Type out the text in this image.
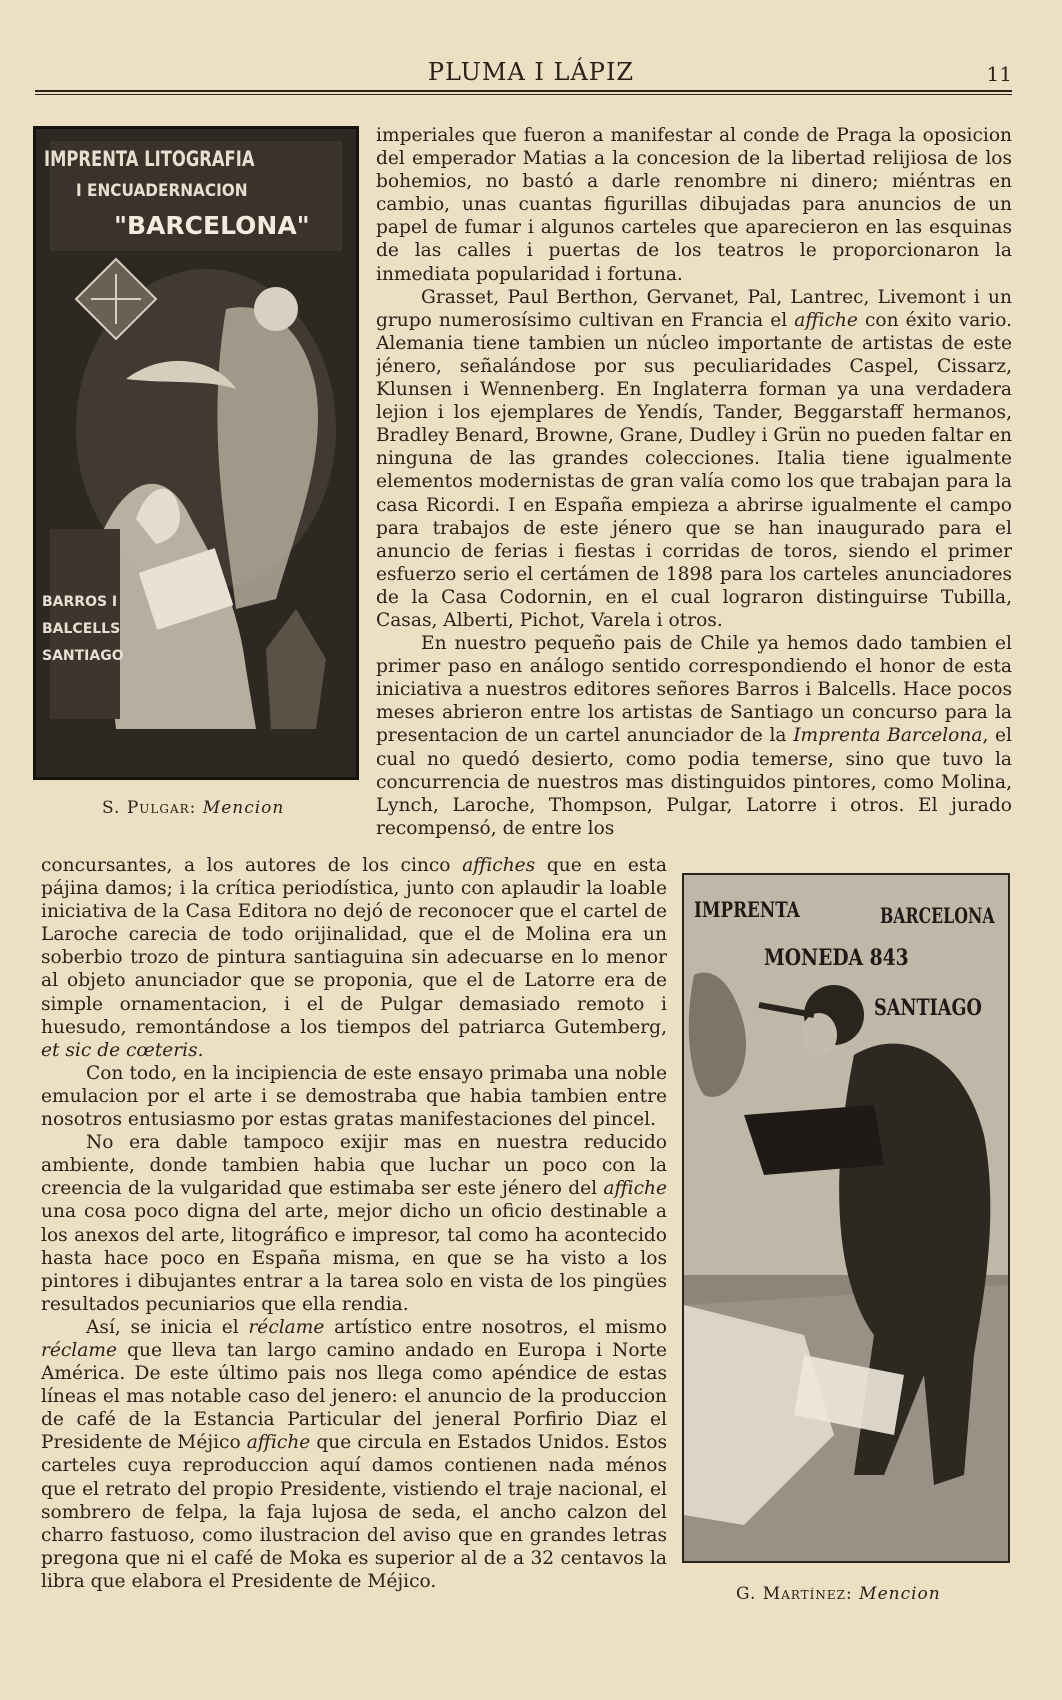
PLUMA I LÁPIZ	11
IMPRENTA LITOGRAFIA
I ENCUADERNACION
"BARCELONA"
BARROS I BALCELLS SANTIAGO
S. Pulgar: Mencion

imperiales que fueron a manifestar al conde de Praga la oposicion del emperador Matias a la concesion de la libertad relijiosa de los bohemios, no bastó a darle renombre ni dinero; miéntras en cambio, unas cuantas figurillas dibujadas para anuncios de un papel de fumar i algunos carteles que aparecieron en las esquinas de las calles i puertas de los teatros le proporcionaron la inmediata popularidad i fortuna.

Grasset, Paul Berthon, Gervanet, Pal, Lantrec, Livemont i un grupo numerosísimo cultivan en Francia el affiche con éxito vario. Alemania tiene tambien un núcleo importante de artistas de este jénero, señalándose por sus peculiaridades Caspel, Cissarz, Klunsen i Wennenberg. En Inglaterra forman ya una verdadera lejion i los ejemplares de Yendís, Tander, Beggarstaff hermanos, Bradley Benard, Browne, Grane, Dudley i Grün no pueden faltar en ninguna de las grandes colecciones. Italia tiene igualmente elementos modernistas de gran valía como los que trabajan para la casa Ricordi. I en España empieza a abrirse igualmente el campo para trabajos de este jénero que se han inaugurado para el anuncio de ferias i fiestas i corridas de toros, siendo el primer esfuerzo serio el certámen de 1898 para los carteles anunciadores de la Casa Codornin, en el cual lograron distinguirse Tubilla, Casas, Alberti, Pichot, Varela i otros.

En nuestro pequeño pais de Chile ya hemos dado tambien el primer paso en análogo sentido correspondiendo el honor de esta iniciativa a nuestros editores señores Barros i Balcells. Hace pocos meses abrieron entre los artistas de Santiago un concurso para la presentacion de un cartel anunciador de la Imprenta Barcelona, el cual no quedó desierto, como podia temerse, sino que tuvo la concurrencia de nuestros mas distinguidos pintores, como Molina, Lynch, Laroche, Thompson, Pulgar, Latorre i otros. El jurado recompensó, de entre los

concursantes, a los autores de los cinco affiches que en esta pájina damos; i la crítica periodística, junto con aplaudir la loable iniciativa de la Casa Editora no dejó de reconocer que el cartel de Laroche carecia de todo orijinalidad, que el de Molina era un soberbio trozo de pintura santiaguina sin adecuarse en lo menor al objeto anunciador que se proponia, que el de Latorre era de simple ornamentacion, i el de Pulgar demasiado remoto i huesudo, remontándose a los tiempos del patriarca Gutemberg, et sic de cœteris.

Con todo, en la incipiencia de este ensayo primaba una noble emulacion por el arte i se demostraba que habia tambien entre nosotros entusiasmo por estas gratas manifestaciones del pincel.

No era dable tampoco exijir mas en nuestra reducido ambiente, donde tambien habia que luchar un poco con la creencia de la vulgaridad que estimaba ser este jénero del affiche una cosa poco digna del arte, mejor dicho un oficio destinable a los anexos del arte, litográfico e impresor, tal como ha acontecido hasta hace poco en España misma, en que se ha visto a los pintores i dibujantes entrar a la tarea solo en vista de los pingües resultados pecuniarios que ella rendia.

Así, se inicia el réclame artístico entre nosotros, el mismo réclame que lleva tan largo camino andado en Europa i Norte América. De este último pais nos llega como apéndice de estas líneas el mas notable caso del jenero: el anuncio de la produccion de café de la Estancia Particular del jeneral Porfirio Diaz el Presidente de Méjico affiche que circula en Estados Unidos. Estos carteles cuya reproduccion aquí damos contienen nada ménos que el retrato del propio Presidente, vistiendo el traje nacional, el sombrero de felpa, la faja lujosa de seda, el ancho calzon del charro fastuoso, como ilustracion del aviso que en grandes letras pregona que ni el café de Moka es superior al de a 32 centavos la libra que elabora el Presidente de Méjico.

IMPRENTA	BARCELONA
MONEDA 843
SANTIAGO
G. Martínez: Mencion
